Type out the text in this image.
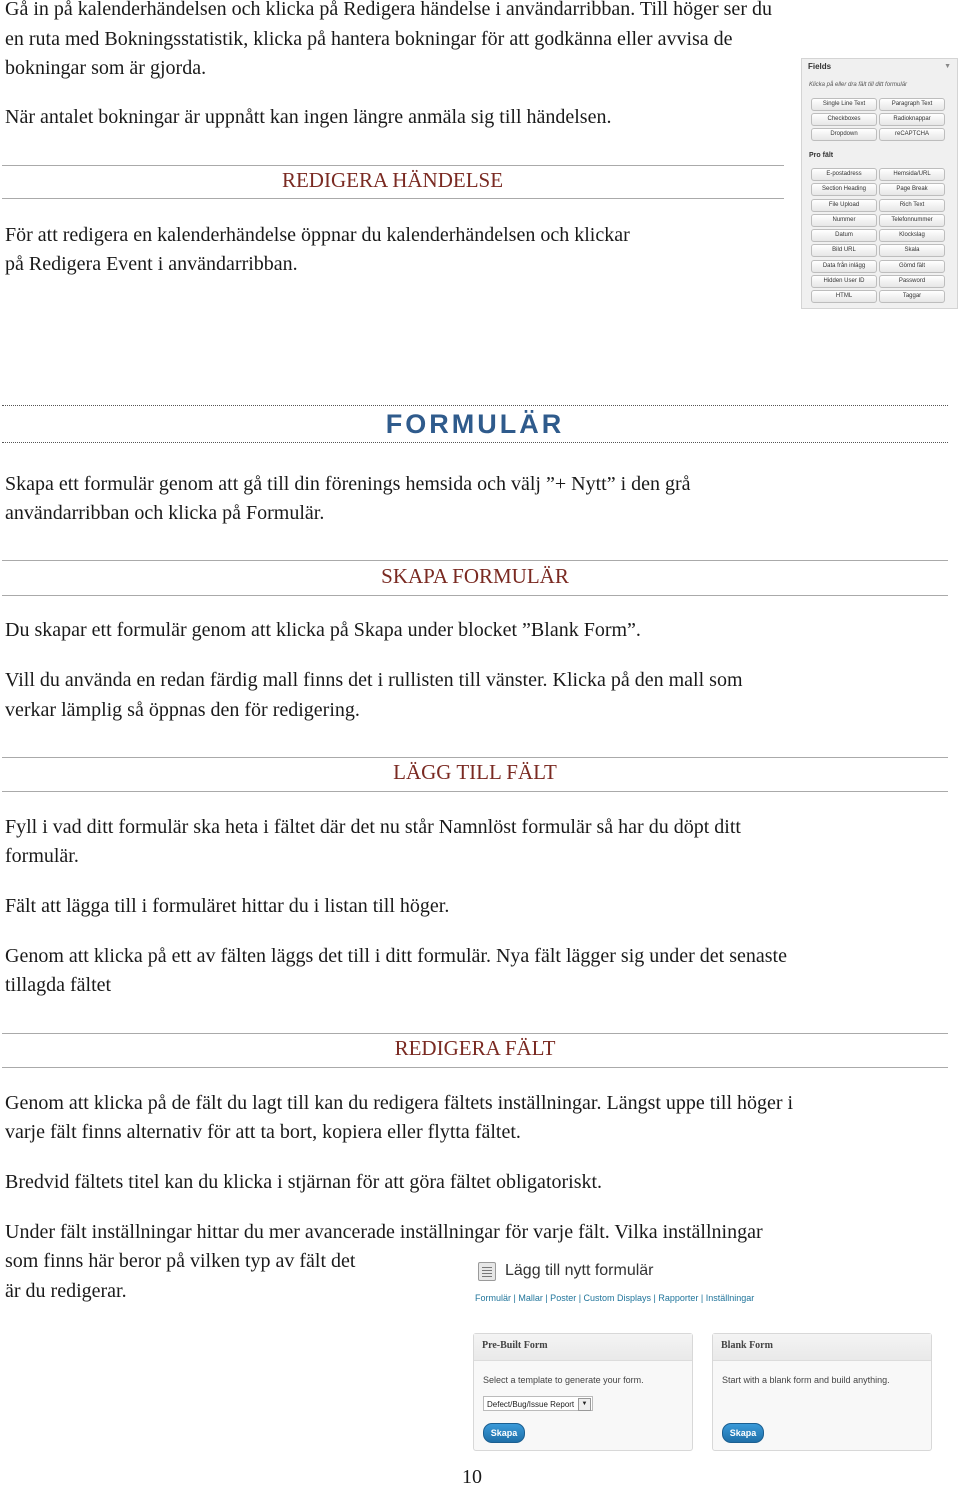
Gå in på kalenderhändelsen och klicka på Redigera händelse i användarribban. Till höger ser du

en ruta med Bokningsstatistik, klicka på hantera bokningar för att godkänna eller avvisa de

bokningar som är gjorda.

När antalet bokningar är uppnått kan ingen längre anmäla sig till händelsen.

REDIGERA HÄNDELSE

För att redigera en kalenderhändelse öppnar du kalenderhändelsen och klickar

på Redigera Event i användarribban.

Fields	▼
Klicka på eller dra fält till ditt formulär
Single Line Text	Paragraph Text
Checkboxes	Radioknappar
Dropdown	reCAPTCHA
Pro fält
E-postadress	Hemsida/URL
Section Heading	Page Break
File Upload	Rich Text
Nummer	Telefonnummer
Datum	Klockslag
Bild URL	Skala
Data från inlägg	Gömd fält
Hidden User ID	Password
HTML	Taggar
FORMULÄR

Skapa ett formulär genom att gå till din förenings hemsida och välj ”+ Nytt” i den grå

användarribban och klicka på Formulär.

SKAPA FORMULÄR

Du skapar ett formulär genom att klicka på Skapa under blocket ”Blank Form”.

Vill du använda en redan färdig mall finns det i rullisten till vänster. Klicka på den mall som

verkar lämplig så öppnas den för redigering.

LÄGG TILL FÄLT

Fyll i vad ditt formulär ska heta i fältet där det nu står Namnlöst formulär så har du döpt ditt

formulär.

Fält att lägga till i formuläret hittar du i listan till höger.

Genom att klicka på ett av fälten läggs det till i ditt formulär. Nya fält lägger sig under det senaste

tillagda fältet

REDIGERA FÄLT

Genom att klicka på de fält du lagt till kan du redigera fältets inställningar. Längst uppe till höger i

varje fält finns alternativ för att ta bort, kopiera eller flytta fältet.

Bredvid fältets titel kan du klicka i stjärnan för att göra fältet obligatoriskt.

Under fält inställningar hittar du mer avancerade inställningar för varje fält. Vilka inställningar

som finns här beror på vilken typ av fält det

är du redigerar.

Lägg till nytt formulär
Formulär | Mallar | Poster | Custom Displays | Rapporter | Inställningar
Pre-Built Form
Select a template to generate your form.
Defect/Bug/Issue Report	▼
Skapa
Blank Form
Start with a blank form and build anything.
Skapa
10
